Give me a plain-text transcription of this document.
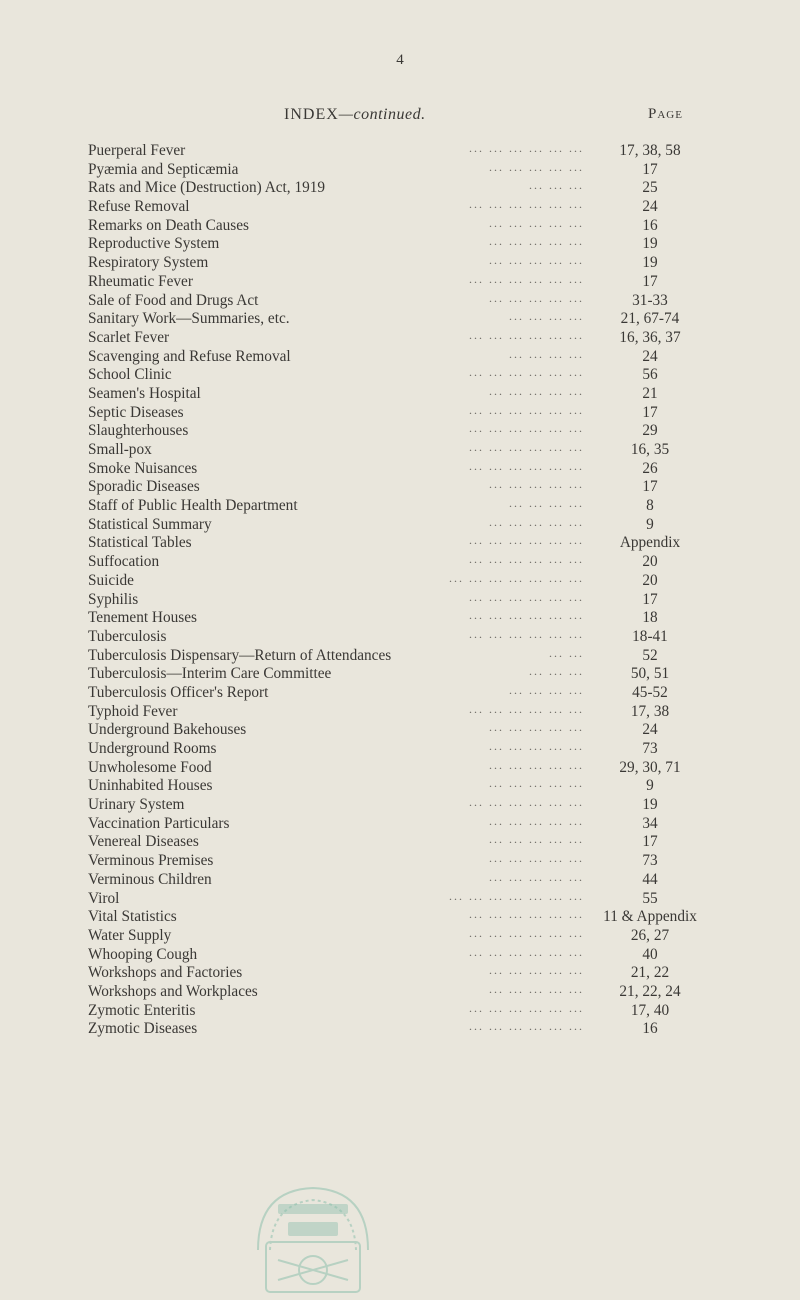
4
INDEX—continued.	Page
Puerperal Fever	... ... ... ... ... ...	17, 38, 58
Pyæmia and Septicæmia	... ... ... ... ...	17
Rats and Mice (Destruction) Act, 1919	... ... ...	25
Refuse Removal	... ... ... ... ... ...	24
Remarks on Death Causes	... ... ... ... ...	16
Reproductive System	... ... ... ... ...	19
Respiratory System	... ... ... ... ...	19
Rheumatic Fever	... ... ... ... ... ...	17
Sale of Food and Drugs Act	... ... ... ... ...	31-33
Sanitary Work—Summaries, etc.	... ... ... ...	21, 67-74
Scarlet Fever	... ... ... ... ... ...	16, 36, 37
Scavenging and Refuse Removal	... ... ... ...	24
School Clinic	... ... ... ... ... ...	56
Seamen's Hospital	... ... ... ... ...	21
Septic Diseases	... ... ... ... ... ...	17
Slaughterhouses	... ... ... ... ... ...	29
Small-pox	... ... ... ... ... ...	16, 35
Smoke Nuisances	... ... ... ... ... ...	26
Sporadic Diseases	... ... ... ... ...	17
Staff of Public Health Department	... ... ... ...	8
Statistical Summary	... ... ... ... ...	9
Statistical Tables	... ... ... ... ... ...	Appendix
Suffocation	... ... ... ... ... ...	20
Suicide	... ... ... ... ... ... ...	20
Syphilis	... ... ... ... ... ...	17
Tenement Houses	... ... ... ... ... ...	18
Tuberculosis	... ... ... ... ... ...	18-41
Tuberculosis Dispensary—Return of Attendances	... ...	52
Tuberculosis—Interim Care Committee	... ... ...	50, 51
Tuberculosis Officer's Report	... ... ... ...	45-52
Typhoid Fever	... ... ... ... ... ...	17, 38
Underground Bakehouses	... ... ... ... ...	24
Underground Rooms	... ... ... ... ...	73
Unwholesome Food	... ... ... ... ...	29, 30, 71
Uninhabited Houses	... ... ... ... ...	9
Urinary System	... ... ... ... ... ...	19
Vaccination Particulars	... ... ... ... ...	34
Venereal Diseases	... ... ... ... ...	17
Verminous Premises	... ... ... ... ...	73
Verminous Children	... ... ... ... ...	44
Virol	... ... ... ... ... ... ...	55
Vital Statistics	... ... ... ... ... ...	11 & Appendix
Water Supply	... ... ... ... ... ...	26, 27
Whooping Cough	... ... ... ... ... ...	40
Workshops and Factories	... ... ... ... ...	21, 22
Workshops and Workplaces	... ... ... ... ...	21, 22, 24
Zymotic Enteritis	... ... ... ... ... ...	17, 40
Zymotic Diseases	... ... ... ... ... ...	16
